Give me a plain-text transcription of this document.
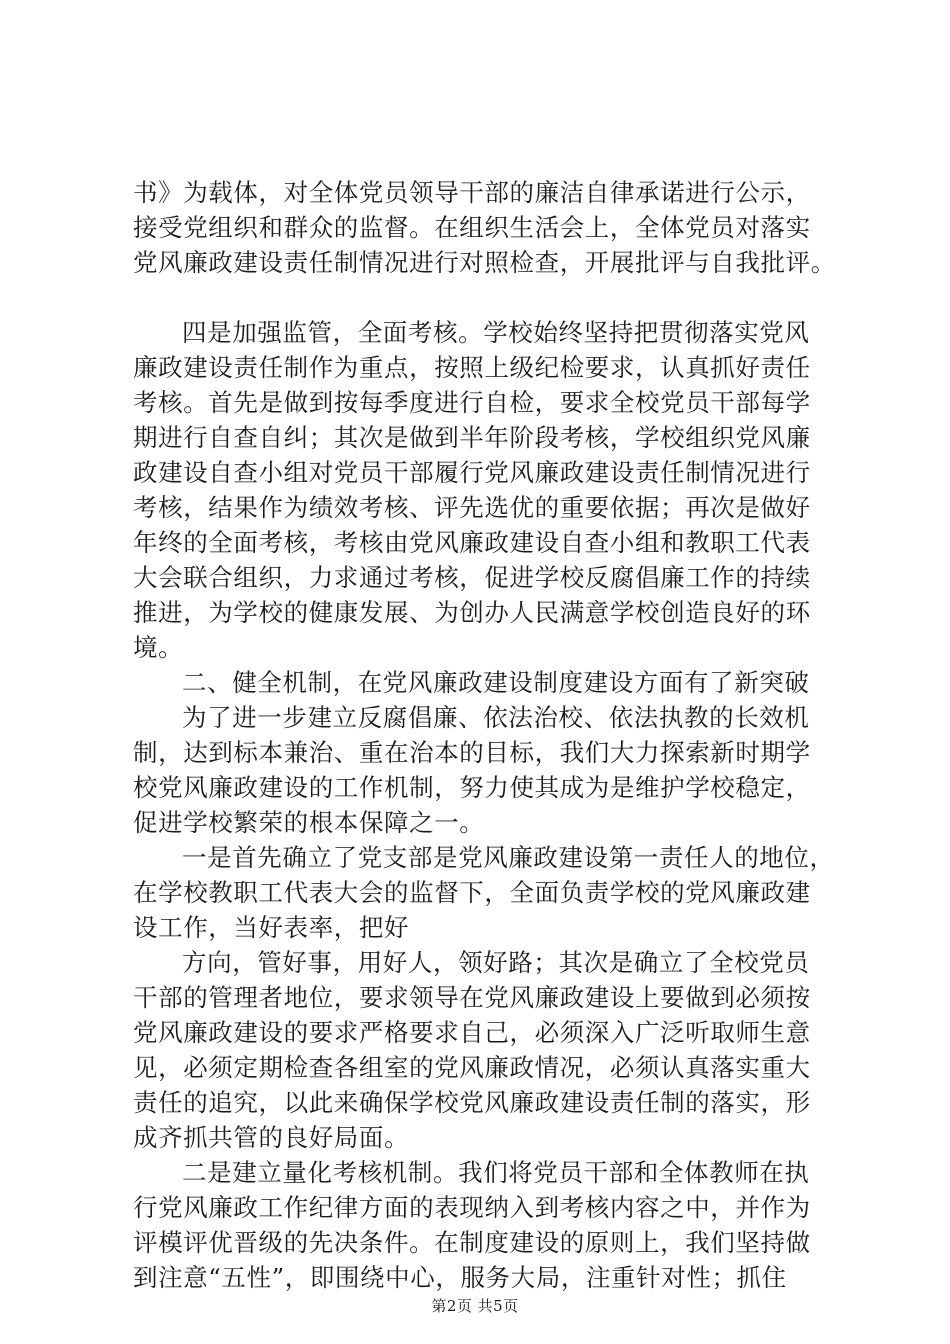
书》为载体，对全体党员领导干部的廉洁自律承诺进行公示，
接受党组织和群众的监督。在组织生活会上，全体党员对落实
党风廉政建设责任制情况进行对照检查，开展批评与自我批评。
四是加强监管，全面考核。学校始终坚持把贯彻落实党风
廉政建设责任制作为重点，按照上级纪检要求，认真抓好责任
考核。首先是做到按每季度进行自检，要求全校党员干部每学
期进行自查自纠；其次是做到半年阶段考核，学校组织党风廉
政建设自查小组对党员干部履行党风廉政建设责任制情况进行
考核，结果作为绩效考核、评先选优的重要依据；再次是做好
年终的全面考核，考核由党风廉政建设自查小组和教职工代表
大会联合组织，力求通过考核，促进学校反腐倡廉工作的持续
推进，为学校的健康发展、为创办人民满意学校创造良好的环
境。
二、健全机制，在党风廉政建设制度建设方面有了新突破
为了进一步建立反腐倡廉、依法治校、依法执教的长效机
制，达到标本兼治、重在治本的目标，我们大力探索新时期学
校党风廉政建设的工作机制，努力使其成为是维护学校稳定，
促进学校繁荣的根本保障之一。
一是首先确立了党支部是党风廉政建设第一责任人的地位，
在学校教职工代表大会的监督下，全面负责学校的党风廉政建
设工作，当好表率，把好
方向，管好事，用好人，领好路；其次是确立了全校党员
干部的管理者地位，要求领导在党风廉政建设上要做到必须按
党风廉政建设的要求严格要求自己，必须深入广泛听取师生意
见，必须定期检查各组室的党风廉政情况，必须认真落实重大
责任的追究，以此来确保学校党风廉政建设责任制的落实，形
成齐抓共管的良好局面。
二是建立量化考核机制。我们将党员干部和全体教师在执
行党风廉政工作纪律方面的表现纳入到考核内容之中，并作为
评模评优晋级的先决条件。在制度建设的原则上，我们坚持做
到注意“五性”，即围绕中心，服务大局，注重针对性；抓住
第2页 共5页
